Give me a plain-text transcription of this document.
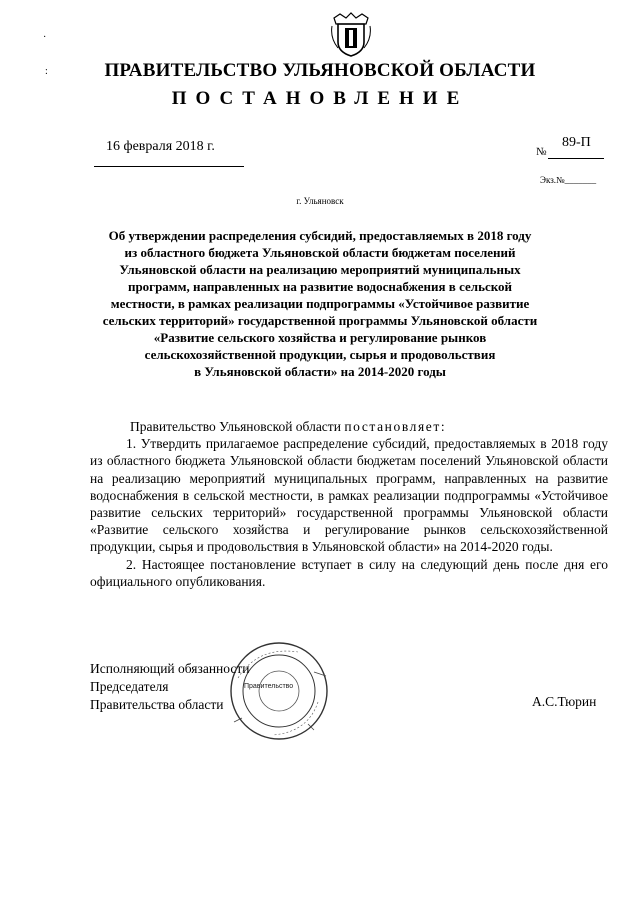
·
:	ПРАВИТЕЛЬСТВО УЛЬЯНОВСКОЙ ОБЛАСТИ
ПОСТАНОВЛЕНИЕ
16 февраля 2018 г.	№
89-П
Экз.№_______
г. Ульяновск
Об утверждении распределения субсидий, предоставляемых в 2018 году
из областного бюджета Ульяновской области бюджетам поселений
Ульяновской области на реализацию мероприятий муниципальных
программ, направленных на развитие водоснабжения в сельской
местности, в рамках реализации подпрограммы «Устойчивое развитие
сельских территорий» государственной программы Ульяновской области
«Развитие сельского хозяйства и регулирование рынков
сельскохозяйственной продукции, сырья и продовольствия
в Ульяновской области» на 2014-2020 годы

Правительство Ульяновской области постановляет:

1. Утвердить прилагаемое распределение субсидий, предоставляемых в 2018 году из областного бюджета Ульяновской области бюджетам поселений Ульяновской области на реализацию мероприятий муниципальных программ, направленных на развитие водоснабжения в сельской местности, в рамках реализации подпрограммы «Устойчивое развитие сельских территорий» государственной программы Ульяновской области «Развитие сельского хозяйства и регулирование рынков сельскохозяйственной продукции, сырья и продовольствия в Ульяновской области» на 2014-2020 годы.

2. Настоящее постановление вступает в силу на следующий день после дня его официального опубликования.

Правительство
Исполняющий обязанности
Председателя
Правительства области	А.С.Тюрин
